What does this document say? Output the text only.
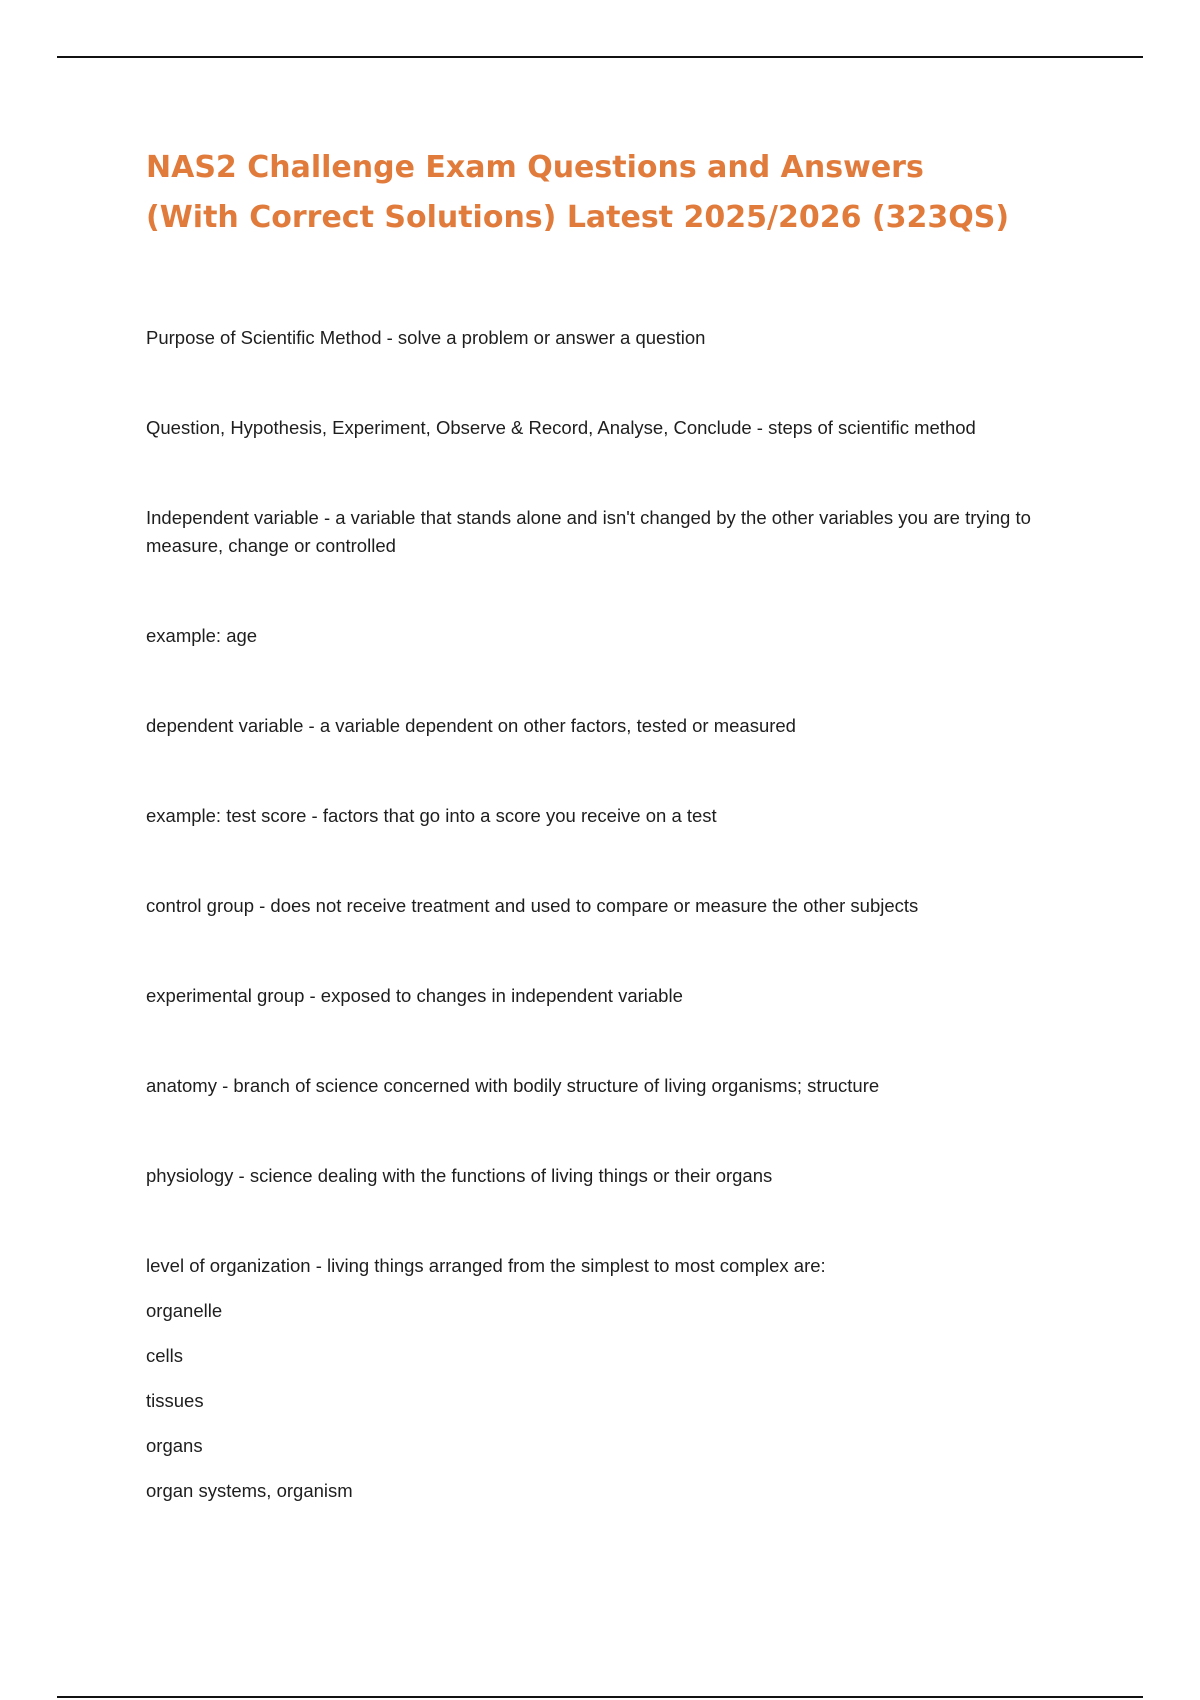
NAS2 Challenge Exam Questions and Answers
(With Correct Solutions) Latest 2025/2026 (323QS)

Purpose of Scientific Method - solve a problem or answer a question

Question, Hypothesis, Experiment, Observe & Record, Analyse, Conclude - steps of scientific method

Independent variable - a variable that stands alone and isn't changed by the other variables you are trying to measure, change or controlled

example: age

dependent variable - a variable dependent on other factors, tested or measured

example: test score - factors that go into a score you receive on a test

control group - does not receive treatment and used to compare or measure the other subjects

experimental group - exposed to changes in independent variable

anatomy - branch of science concerned with bodily structure of living organisms; structure

physiology - science dealing with the functions of living things or their organs

level of organization - living things arranged from the simplest to most complex are:

organelle

cells

tissues

organs

organ systems, organism
